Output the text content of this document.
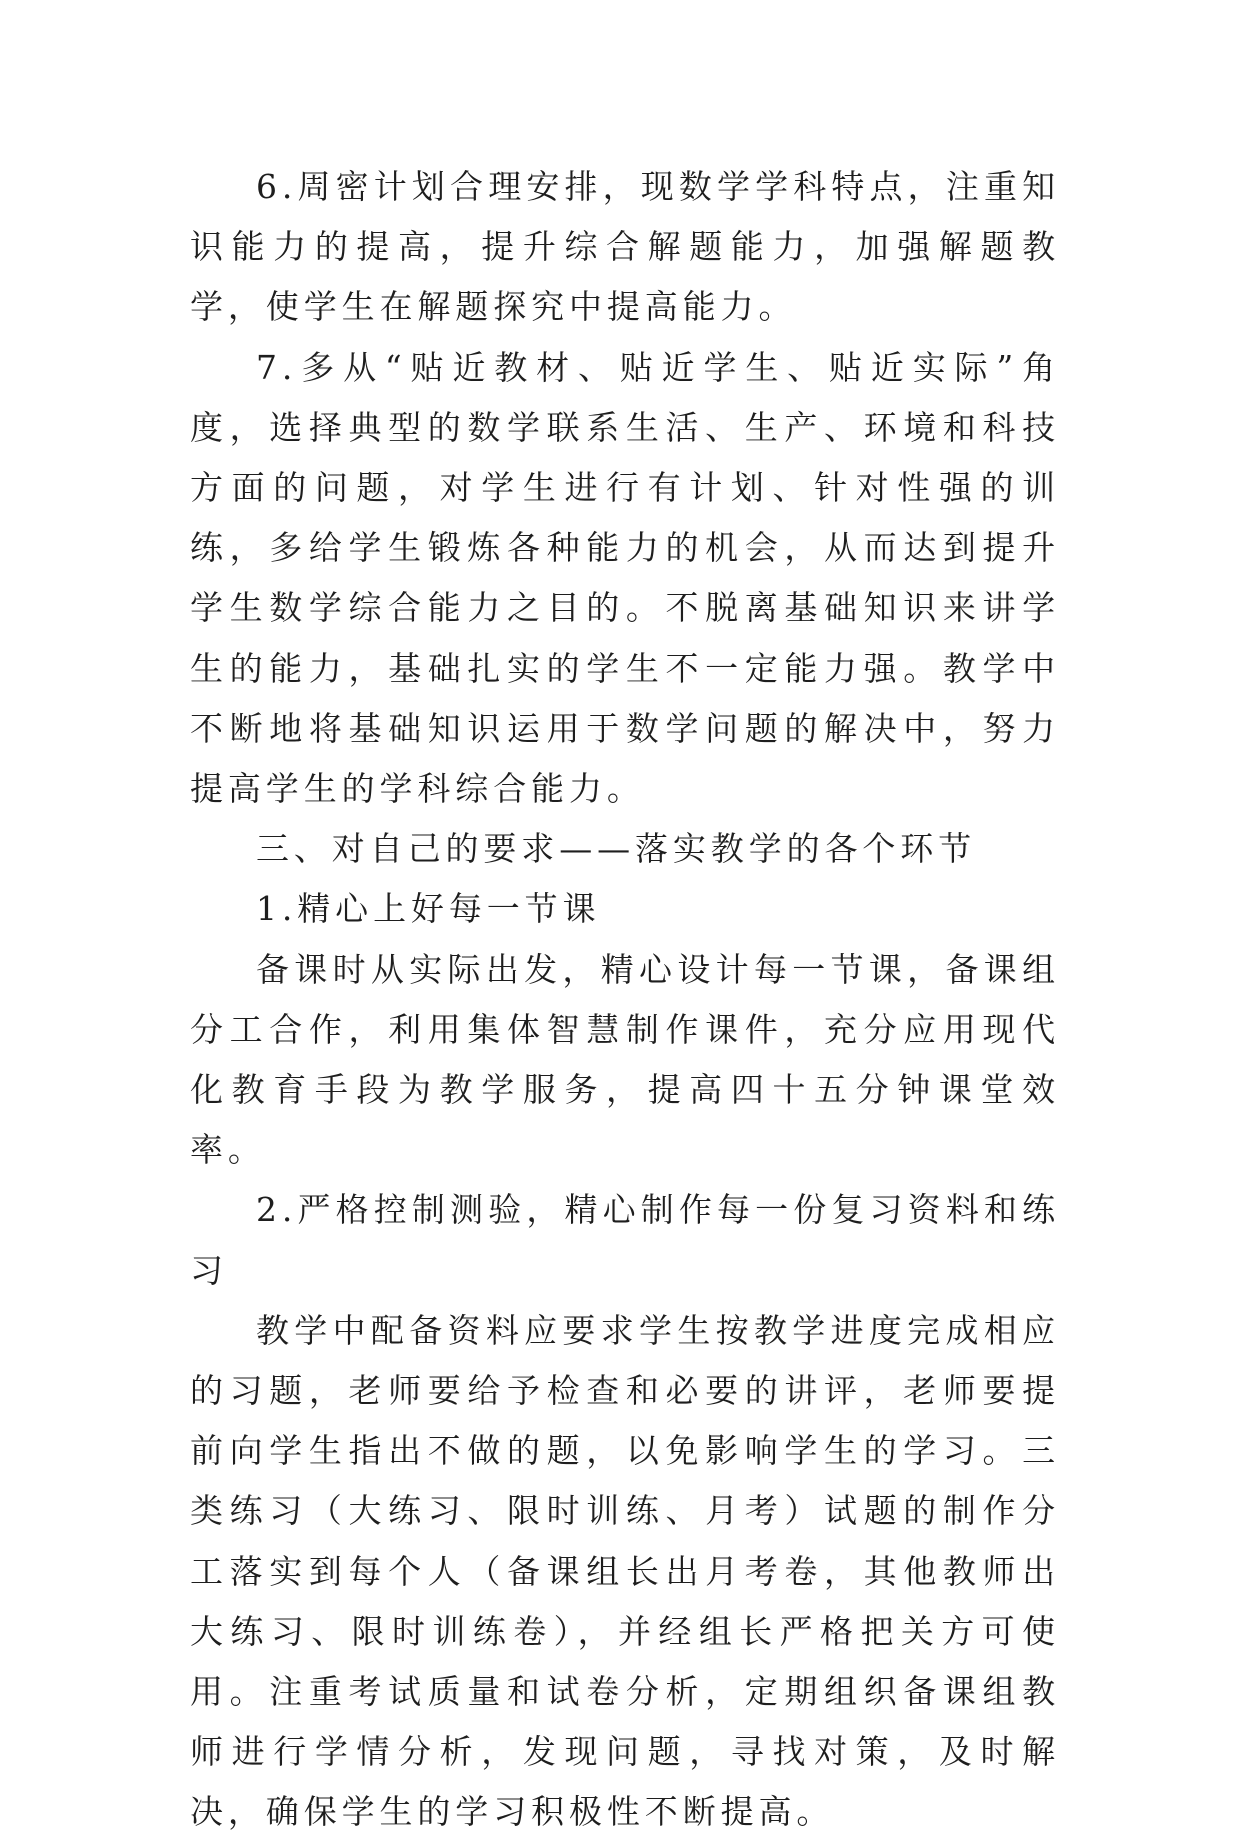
6.周密计划合理安排，现数学学科特点，注重知识能力的提高，提升综合解题能力，加强解题教学，使学生在解题探究中提高能力。

7.多从“贴近教材、贴近学生、贴近实际”角度，选择典型的数学联系生活、生产、环境和科技方面的问题，对学生进行有计划、针对性强的训练，多给学生锻炼各种能力的机会，从而达到提升学生数学综合能力之目的。不脱离基础知识来讲学生的能力，基础扎实的学生不一定能力强。教学中不断地将基础知识运用于数学问题的解决中，努力提高学生的学科综合能力。

三、对自己的要求——落实教学的各个环节

1.精心上好每一节课

备课时从实际出发，精心设计每一节课，备课组分工合作，利用集体智慧制作课件，充分应用现代化教育手段为教学服务，提高四十五分钟课堂效率。

2.严格控制测验，精心制作每一份复习资料和练习

教学中配备资料应要求学生按教学进度完成相应的习题，老师要给予检查和必要的讲评，老师要提前向学生指出不做的题，以免影响学生的学习。三类练习（大练习、限时训练、月考）试题的制作分工落实到每个人（备课组长出月考卷，其他教师出大练习、限时训练卷），并经组长严格把关方可使用。注重考试质量和试卷分析，定期组织备课组教师进行学情分析，发现问题，寻找对策，及时解决，确保学生的学习积极性不断提高。
